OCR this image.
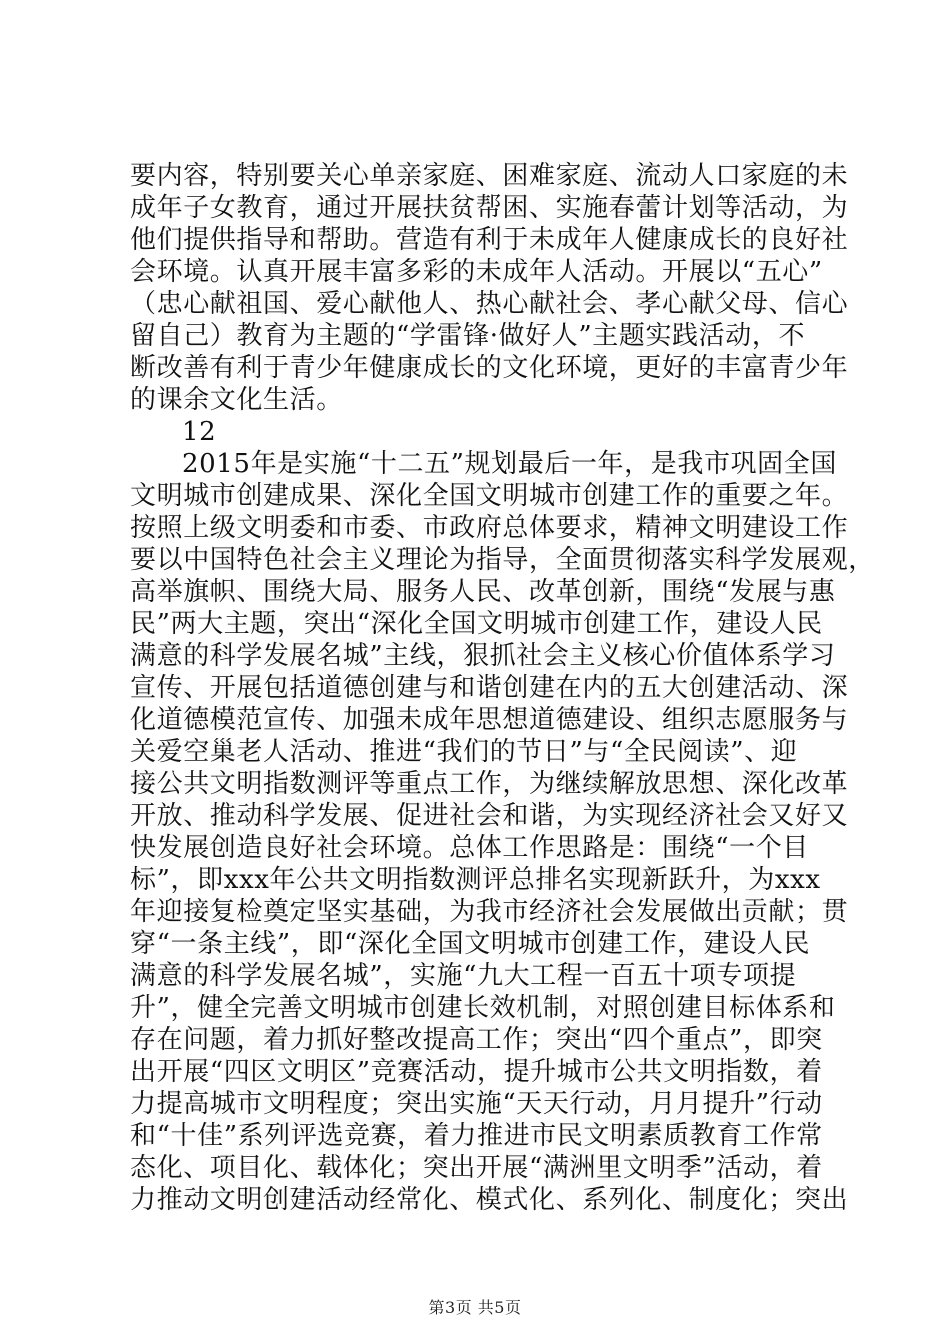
要内容，特别要关心单亲家庭、困难家庭、流动人口家庭的未
成年子女教育，通过开展扶贫帮困、实施春蕾计划等活动，为
他们提供指导和帮助。营造有利于未成年人健康成长的良好社
会环境。认真开展丰富多彩的未成年人活动。开展以“五心”
（忠心献祖国、爱心献他人、热心献社会、孝心献父母、信心
留自己）教育为主题的“学雷锋·做好人”主题实践活动，不
断改善有利于青少年健康成长的文化环境，更好的丰富青少年
的课余文化生活。
12
2015年是实施“十二五”规划最后一年，是我市巩固全国
文明城市创建成果、深化全国文明城市创建工作的重要之年。
按照上级文明委和市委、市政府总体要求，精神文明建设工作
要以中国特色社会主义理论为指导，全面贯彻落实科学发展观，
高举旗帜、围绕大局、服务人民、改革创新，围绕“发展与惠
民”两大主题，突出“深化全国文明城市创建工作，建设人民
满意的科学发展名城”主线，狠抓社会主义核心价值体系学习
宣传、开展包括道德创建与和谐创建在内的五大创建活动、深
化道德模范宣传、加强未成年思想道德建设、组织志愿服务与
关爱空巢老人活动、推进“我们的节日”与“全民阅读”、迎
接公共文明指数测评等重点工作，为继续解放思想、深化改革
开放、推动科学发展、促进社会和谐，为实现经济社会又好又
快发展创造良好社会环境。总体工作思路是：围绕“一个目
标”，即xxx年公共文明指数测评总排名实现新跃升，为xxx
年迎接复检奠定坚实基础，为我市经济社会发展做出贡献；贯
穿“一条主线”，即“深化全国文明城市创建工作，建设人民
满意的科学发展名城”，实施“九大工程一百五十项专项提
升”，健全完善文明城市创建长效机制，对照创建目标体系和
存在问题，着力抓好整改提高工作；突出“四个重点”，即突
出开展“四区文明区”竞赛活动，提升城市公共文明指数，着
力提高城市文明程度；突出实施“天天行动，月月提升”行动
和“十佳”系列评选竞赛，着力推进市民文明素质教育工作常
态化、项目化、载体化；突出开展“满洲里文明季”活动，着
力推动文明创建活动经常化、模式化、系列化、制度化；突出
第3页 共5页
